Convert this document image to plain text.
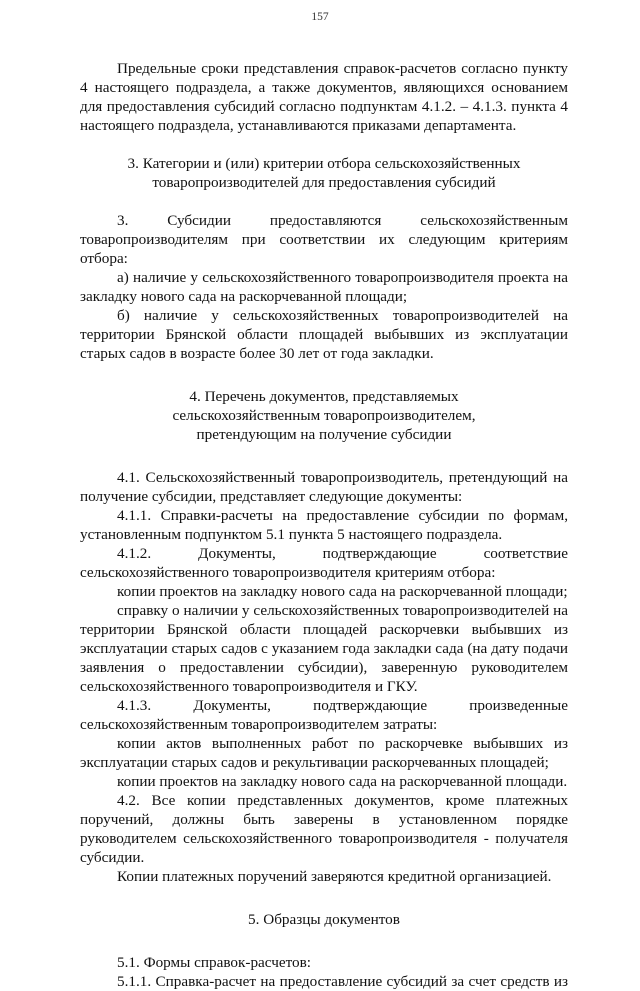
157

Предельные сроки представления справок-расчетов согласно пункту 4 настоящего подраздела, а также документов, являющихся основанием для предоставления субсидий согласно подпунктам 4.1.2. – 4.1.3. пункта 4 настоящего подраздела, устанавливаются приказами департамента.

3. Категории и (или) критерии отбора сельскохозяйственных

товаропроизводителей для предоставления субсидий

3. Субсидии предоставляются сельскохозяйственным товаропроизводителям при соответствии их следующим критериям отбора:

а) наличие у сельскохозяйственного товаропроизводителя проекта на закладку нового сада на раскорчеванной площади;

б) наличие у сельскохозяйственных товаропроизводителей на территории Брянской области площадей выбывших из эксплуатации старых садов в возрасте более 30 лет от года закладки.

4. Перечень документов, представляемых

сельскохозяйственным товаропроизводителем,

претендующим на получение субсидии

4.1. Сельскохозяйственный товаропроизводитель, претендующий на получение субсидии, представляет следующие документы:

4.1.1. Справки-расчеты на предоставление субсидии по формам, установленным подпунктом 5.1 пункта 5 настоящего подраздела.

4.1.2. Документы, подтверждающие соответствие сельскохозяйственного товаропроизводителя критериям отбора:

копии проектов на закладку нового сада на раскорчеванной площади;

справку о наличии у сельскохозяйственных товаропроизводителей на территории Брянской области площадей раскорчевки выбывших из эксплуатации старых садов с указанием года закладки сада (на дату подачи заявления о предоставлении субсидии), заверенную руководителем сельскохозяйственного товаропроизводителя и ГКУ.

4.1.3. Документы, подтверждающие произведенные сельскохозяйственным товаропроизводителем затраты:

копии актов выполненных работ по раскорчевке выбывших из эксплуатации старых садов и рекультивации раскорчеванных площадей;

копии проектов на закладку нового сада на раскорчеванной площади.

4.2. Все копии представленных документов, кроме платежных поручений, должны быть заверены в установленном порядке руководителем сельскохозяйственного товаропроизводителя - получателя субсидии.

Копии платежных поручений заверяются кредитной организацией.

5. Образцы документов

5.1. Формы справок-расчетов:

5.1.1. Справка-расчет на предоставление субсидий за счет средств из
